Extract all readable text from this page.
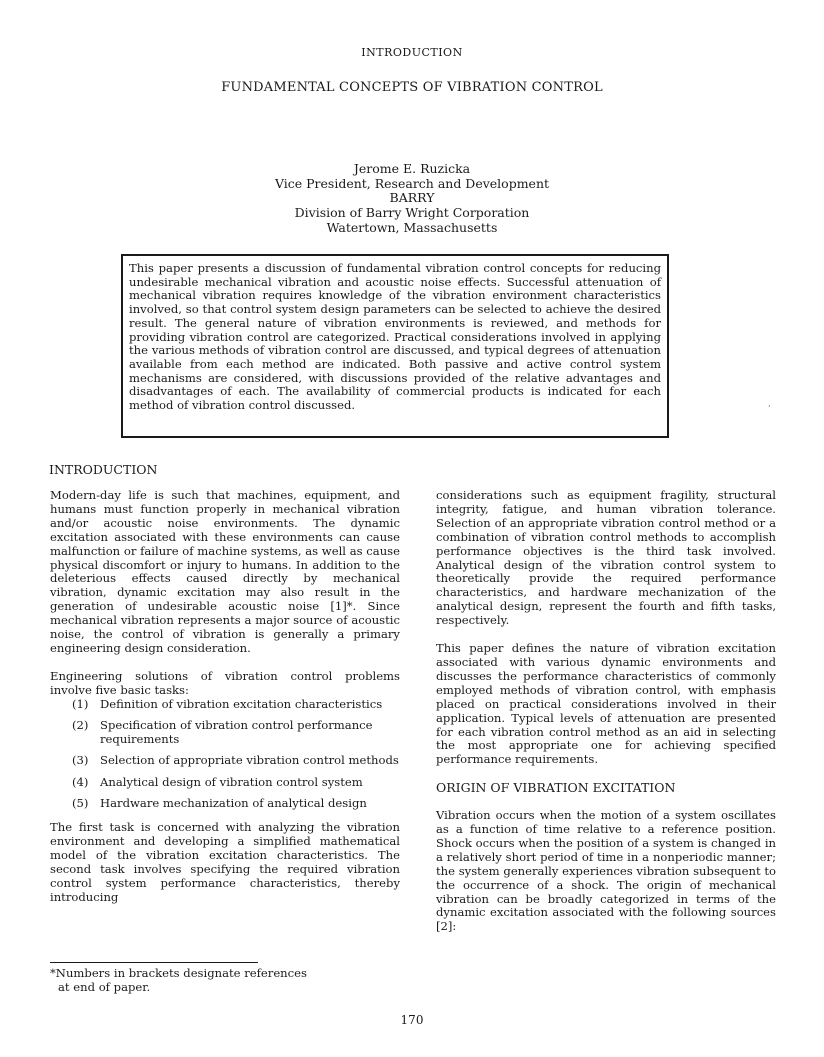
INTRODUCTION
FUNDAMENTAL CONCEPTS OF VIBRATION CONTROL
Jerome E. Ruzicka
Vice President, Research and Development
BARRY
Division of Barry Wright Corporation
Watertown, Massachusetts
This paper presents a discussion of fundamental vibration control concepts for reducing undesirable mechanical vibration and acoustic noise effects. Successful attenuation of mechanical vibration requires knowledge of the vibration environment characteristics involved, so that control system design parameters can be selected to achieve the desired result. The general nature of vibration environments is reviewed, and methods for providing vibration control are categorized. Practical considerations involved in applying the various methods of vibration control are discussed, and typical degrees of attenuation available from each method are indicated. Both passive and active control system mechanisms are considered, with discussions provided of the relative advantages and disadvantages of each. The availability of commercial products is indicated for each method of vibration control discussed.	·
INTRODUCTION

Modern-day life is such that machines, equipment, and humans must function properly in mechanical vibration and/or acoustic noise environments. The dynamic excitation associated with these environments can cause malfunction or failure of machine systems, as well as cause physical discomfort or injury to humans. In addition to the deleterious effects caused directly by mechanical vibration, dynamic excitation may also result in the generation of undesirable acoustic noise [1]*. Since mechanical vibration represents a major source of acoustic noise, the control of vibration is generally a primary engineering design consideration.

Engineering solutions of vibration control problems involve five basic tasks:

(1) Definition of vibration excitation characteristics
(2) Specification of vibration control performance requirements
(3) Selection of appropriate vibration control methods
(4) Analytical design of vibration control system
(5) Hardware mechanization of analytical design

The first task is concerned with analyzing the vibration environment and developing a simplified mathematical model of the vibration excitation characteristics. The second task involves specifying the required vibration control system performance characteristics, thereby introducing

considerations such as equipment fragility, structural integrity, fatigue, and human vibration tolerance. Selection of an appropriate vibration control method or a combination of vibration control methods to accomplish performance objectives is the third task involved. Analytical design of the vibration control system to theoretically provide the required performance characteristics, and hardware mechanization of the analytical design, represent the fourth and fifth tasks, respectively.

This paper defines the nature of vibration excitation associated with various dynamic environments and discusses the performance characteristics of commonly employed methods of vibration control, with emphasis placed on practical considerations involved in their application. Typical levels of attenuation are presented for each vibration control method as an aid in selecting the most appropriate one for achieving specified performance requirements.

ORIGIN OF VIBRATION EXCITATION

Vibration occurs when the motion of a system oscillates as a function of time relative to a reference position. Shock occurs when the position of a system is changed in a relatively short period of time in a nonperiodic manner; the system generally experiences vibration subsequent to the occurrence of a shock. The origin of mechanical vibration can be broadly categorized in terms of the dynamic excitation associated with the following sources [2]:

*Numbers in brackets designate references
at end of paper.
170
